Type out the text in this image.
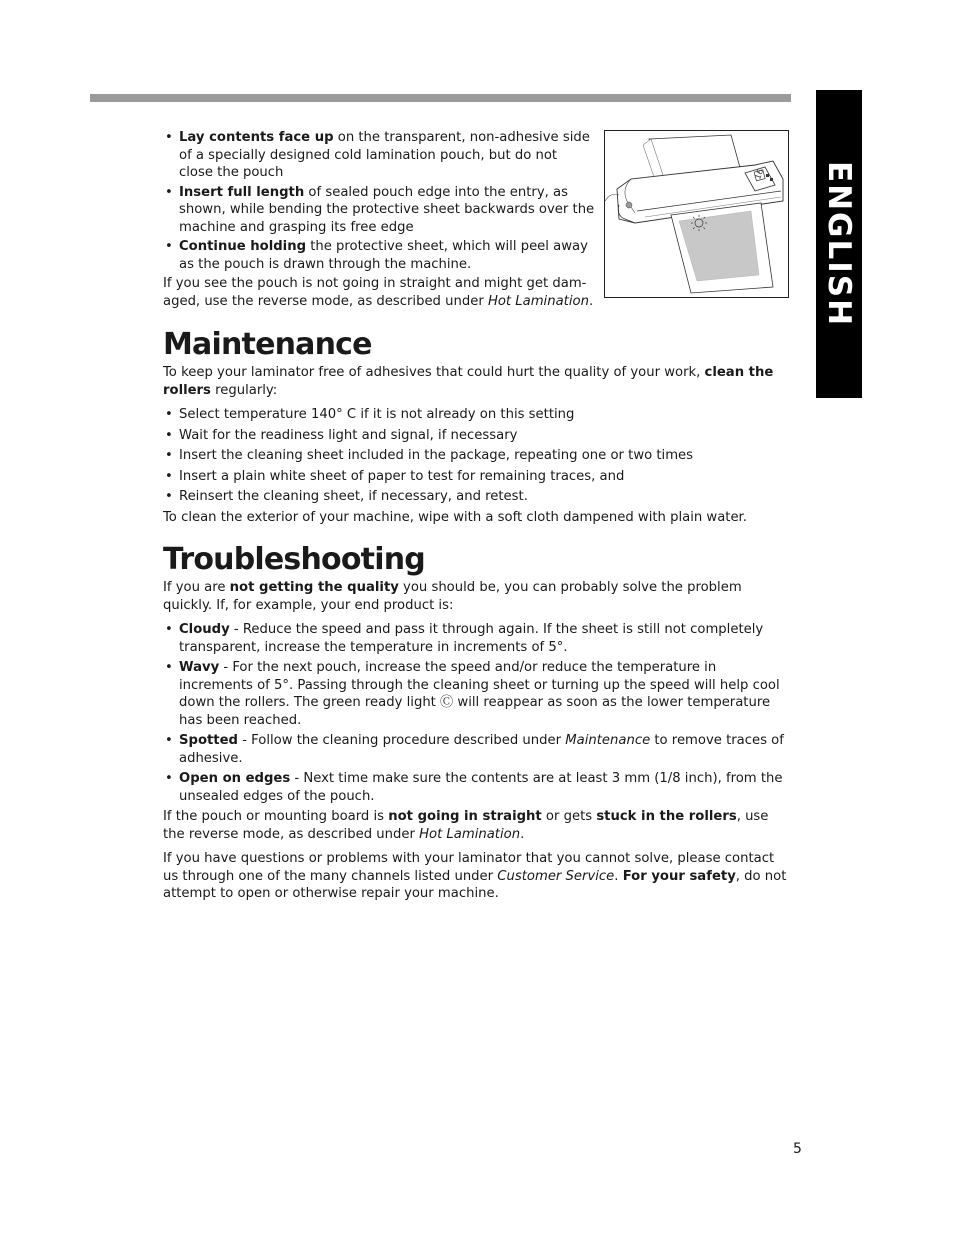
ENGLISH
• Lay contents face up on the transparent, non-adhesive side of a specially designed cold lamination pouch, but do not close the pouch
• Insert full length of sealed pouch edge into the entry, as shown, while bending the protective sheet backwards over the machine and grasping its free edge
• Continue holding the protective sheet, which will peel away as the pouch is drawn through the machine.

If you see the pouch is not going in straight and might get dam-aged, use the reverse mode, as described under Hot Lamination.

16
Maintenance

To keep your laminator free of adhesives that could hurt the quality of your work, clean the rollers regularly:

• Select temperature 140° C if it is not already on this setting
• Wait for the readiness light and signal, if necessary
• Insert the cleaning sheet included in the package, repeating one or two times
• Insert a plain white sheet of paper to test for remaining traces, and
• Reinsert the cleaning sheet, if necessary, and retest.

To clean the exterior of your machine, wipe with a soft cloth dampened with plain water.

Troubleshooting

If you are not getting the quality you should be, you can probably solve the problem quickly. If, for example, your end product is:

• Cloudy - Reduce the speed and pass it through again. If the sheet is still not completely transparent, increase the temperature in increments of 5°.
• Wavy - For the next pouch, increase the speed and/or reduce the temperature in increments of 5°. Passing through the cleaning sheet or turning up the speed will help cool down the rollers. The green ready light Ⓒ will reappear as soon as the lower temperature has been reached.
• Spotted - Follow the cleaning procedure described under Maintenance to remove traces of adhesive.
• Open on edges - Next time make sure the contents are at least 3 mm (1/8 inch), from the unsealed edges of the pouch.

If the pouch or mounting board is not going in straight or gets stuck in the rollers, use the reverse mode, as described under Hot Lamination.

If you have questions or problems with your laminator that you cannot solve, please contact us through one of the many channels listed under Customer Service. For your safety, do not attempt to open or otherwise repair your machine.

5
